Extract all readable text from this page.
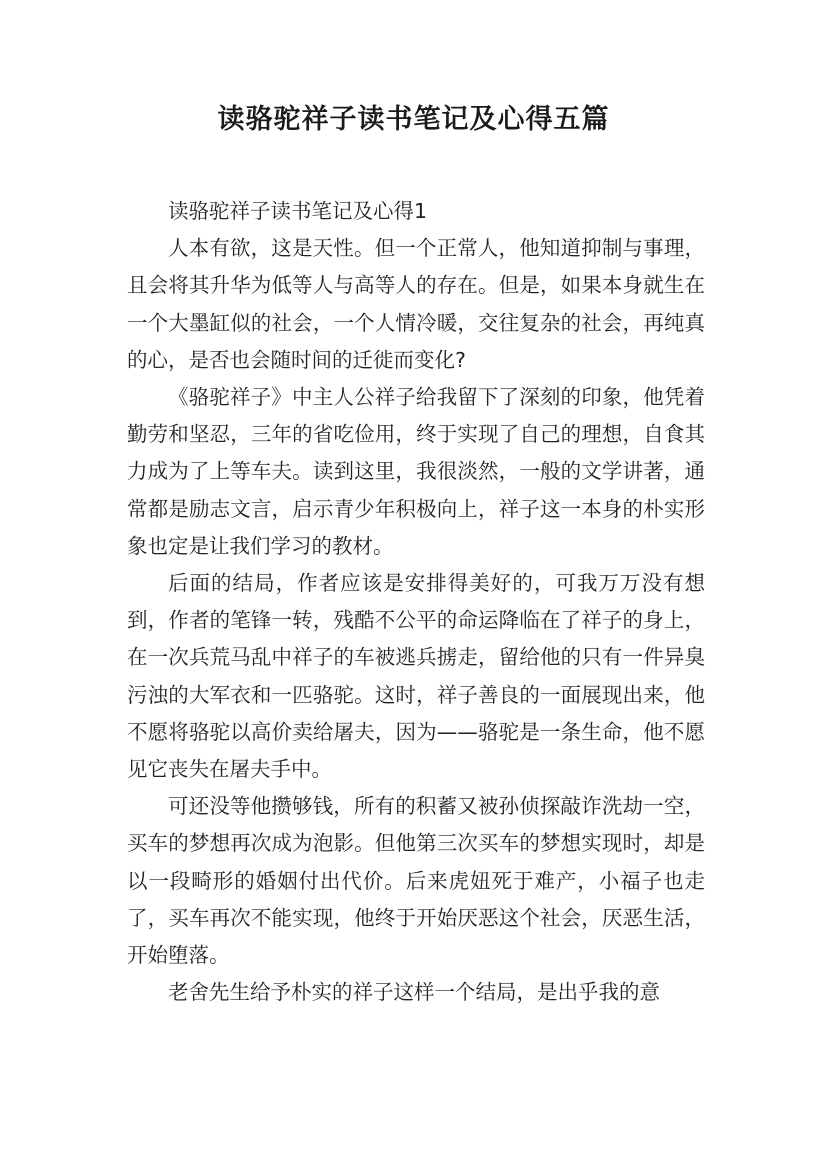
读骆驼祥子读书笔记及心得五篇

读骆驼祥子读书笔记及心得1

人本有欲，这是天性。但一个正常人，他知道抑制与事理，且会将其升华为低等人与高等人的存在。但是，如果本身就生在一个大墨缸似的社会，一个人情冷暖，交往复杂的社会，再纯真的心，是否也会随时间的迁徙而变化?

《骆驼祥子》中主人公祥子给我留下了深刻的印象，他凭着勤劳和坚忍，三年的省吃俭用，终于实现了自己的理想，自食其力成为了上等车夫。读到这里，我很淡然，一般的文学讲著，通常都是励志文言，启示青少年积极向上，祥子这一本身的朴实形象也定是让我们学习的教材。

后面的结局，作者应该是安排得美好的，可我万万没有想到，作者的笔锋一转，残酷不公平的命运降临在了祥子的身上，在一次兵荒马乱中祥子的车被逃兵掳走，留给他的只有一件异臭污浊的大军衣和一匹骆驼。这时，祥子善良的一面展现出来，他不愿将骆驼以高价卖给屠夫，因为——骆驼是一条生命，他不愿见它丧失在屠夫手中。

可还没等他攒够钱，所有的积蓄又被孙侦探敲诈洗劫一空，买车的梦想再次成为泡影。但他第三次买车的梦想实现时，却是以一段畸形的婚姻付出代价。后来虎妞死于难产，小福子也走了，买车再次不能实现，他终于开始厌恶这个社会，厌恶生活，开始堕落。

老舍先生给予朴实的祥子这样一个结局，是出乎我的意
